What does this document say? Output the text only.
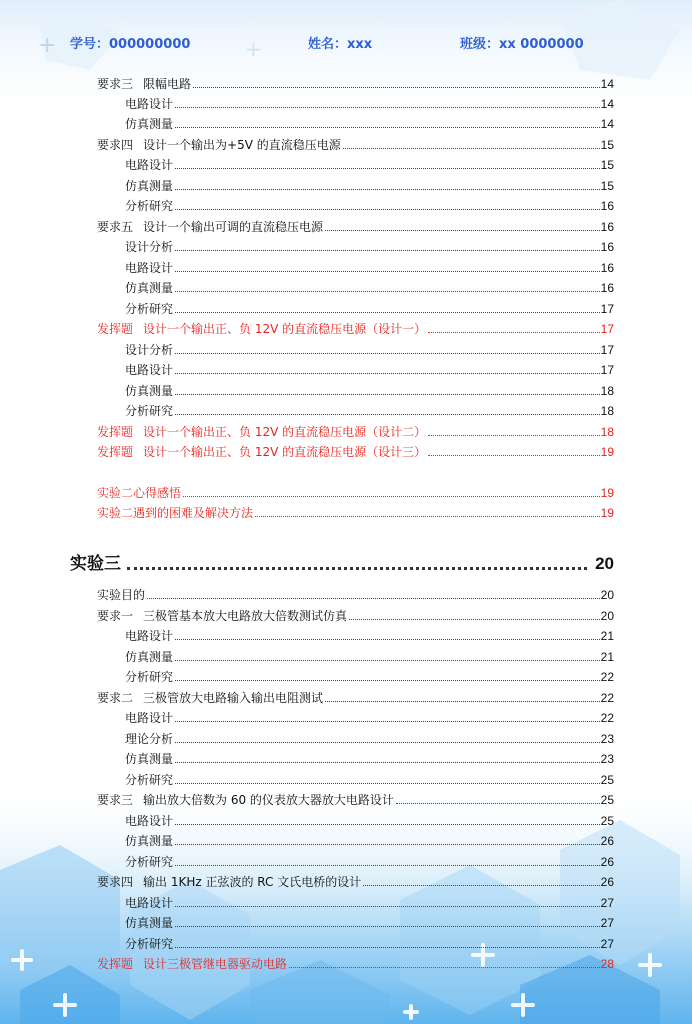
+	+
学号：000000000	姓名：xxx	班级：xx 0000000
要求三 限幅电路	14
电路设计	14
仿真测量	14
要求四 设计一个输出为+5V 的直流稳压电源	15
电路设计	15
仿真测量	15
分析研究	16
要求五 设计一个输出可调的直流稳压电源	16
设计分析	16
电路设计	16
仿真测量	16
分析研究	17
发挥题 设计一个输出正、负 12V 的直流稳压电源（设计一）	17
设计分析	17
电路设计	17
仿真测量	18
分析研究	18
发挥题 设计一个输出正、负 12V 的直流稳压电源（设计二）	18
发挥题 设计一个输出正、负 12V 的直流稳压电源（设计三）	19
实验二心得感悟	19
实验二遇到的困难及解决方法	19
实验三	20
实验目的	20
要求一 三极管基本放大电路放大倍数测试仿真	20
电路设计	21
仿真测量	21
分析研究	22
要求二 三极管放大电路输入输出电阻测试	22
电路设计	22
理论分析	23
仿真测量	23
分析研究	25
要求三 输出放大倍数为 60 的仪表放大器放大电路设计	25
电路设计	25
仿真测量	26
分析研究	26
要求四 输出 1KHz 正弦波的 RC 文氏电桥的设计	26
电路设计	27
仿真测量	27
分析研究	27
发挥题 设计三极管继电器驱动电路	28
